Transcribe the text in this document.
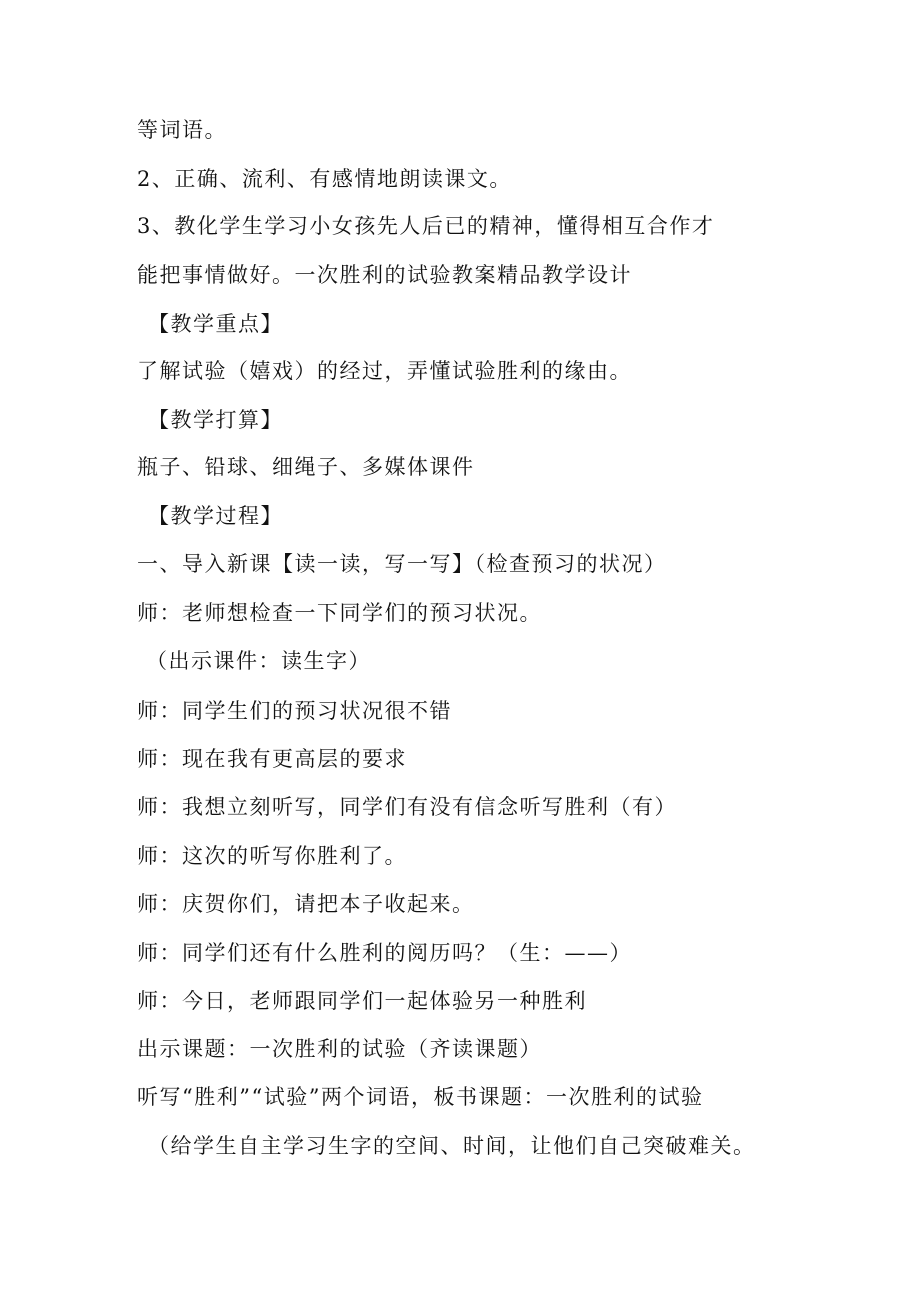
等词语。
2、正确、流利、有感情地朗读课文。
3、教化学生学习小女孩先人后已的精神，懂得相互合作才
能把事情做好。一次胜利的试验教案精品教学设计
【教学重点】
了解试验（嬉戏）的经过，弄懂试验胜利的缘由。
【教学打算】
瓶子、铅球、细绳子、多媒体课件
【教学过程】
一、导入新课【读一读，写一写】（检查预习的状况）
师：老师想检查一下同学们的预习状况。
（出示课件：读生字）
师：同学生们的预习状况很不错
师：现在我有更高层的要求
师：我想立刻听写，同学们有没有信念听写胜利（有）
师：这次的听写你胜利了。
师：庆贺你们，请把本子收起来。
师：同学们还有什么胜利的阅历吗？（生：——）
师：今日，老师跟同学们一起体验另一种胜利
出示课题：一次胜利的试验（齐读课题）
听写“胜利”“试验”两个词语，板书课题：一次胜利的试验
（给学生自主学习生字的空间、时间，让他们自己突破难关。
